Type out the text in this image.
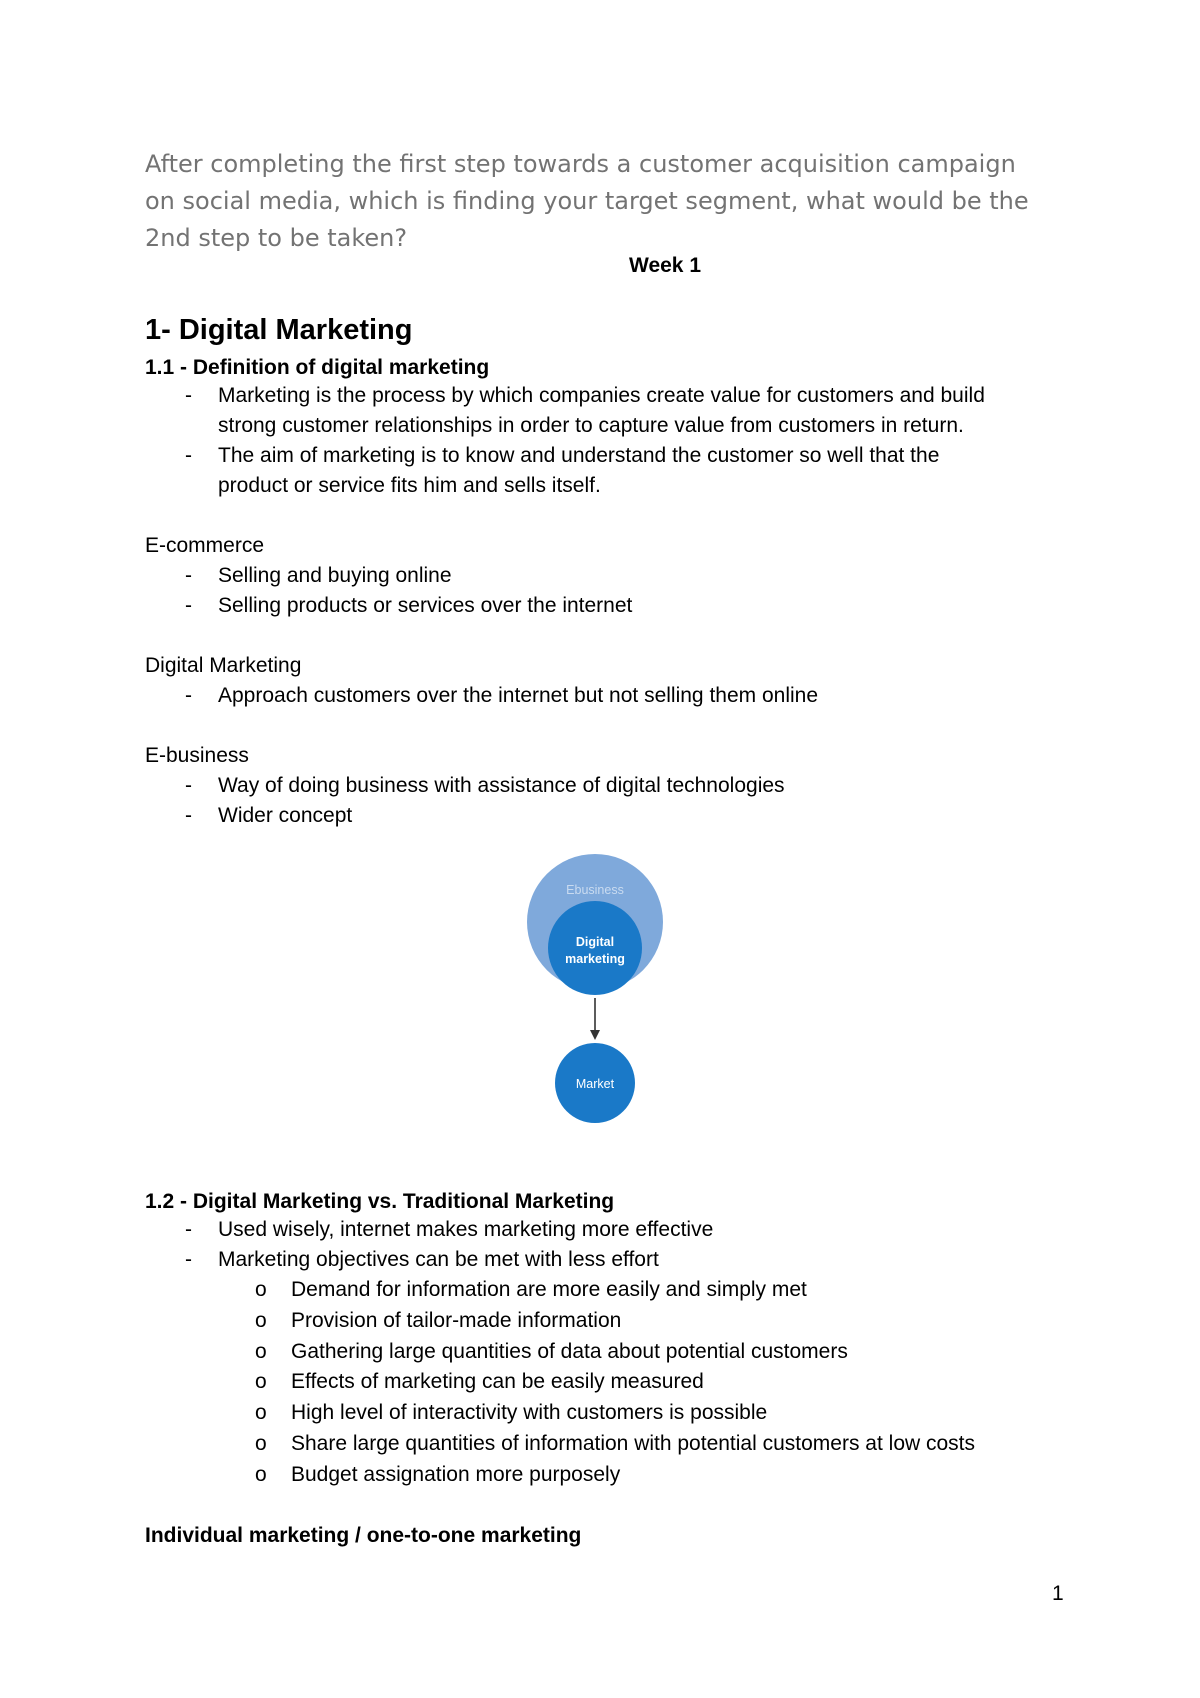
After completing the first step towards a customer acquisition campaign
on social media, which is finding your target segment, what would be the
2nd step to be taken?

Week 1

1- Digital Marketing
1.1 - Definition of digital marketing
- Marketing is the process by which companies create value for customers and build
strong customer relationships in order to capture value from customers in return.
- The aim of marketing is to know and understand the customer so well that the
product or service fits him and sells itself.

E-commerce

- Selling and buying online
- Selling products or services over the internet

Digital Marketing

- Approach customers over the internet but not selling them online

E-business

- Way of doing business with assistance of digital technologies
- Wider concept
1.2 - Digital Marketing vs. Traditional Marketing
- Used wisely, internet makes marketing more effective
- Marketing objectives can be met with less effort
o Demand for information are more easily and simply met
o Provision of tailor-made information
o Gathering large quantities of data about potential customers
o Effects of marketing can be easily measured
o High level of interactivity with customers is possible
o Share large quantities of information with potential customers at low costs
o Budget assignation more purposely
Individual marketing / one-to-one marketing
Ebusiness
Digital
marketing
Market

1
